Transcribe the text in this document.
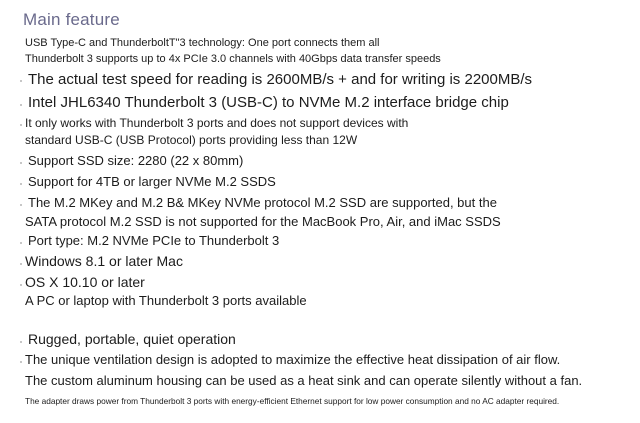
Main feature
USB Type-C and ThunderboltT"3 technology: One port connects them all
Thunderbolt 3 supports up to 4x PCIe 3.0 channels with 40Gbps data transfer speeds
The actual test speed for reading is 2600MB/s + and for writing is 2200MB/s
Intel JHL6340 Thunderbolt 3 (USB-C) to NVMe M.2 interface bridge chip
It only works with Thunderbolt 3 ports and does not support devices with
standard USB-C (USB Protocol) ports providing less than 12W
Support SSD size: 2280 (22 x 80mm)
Support for 4TB or larger NVMe M.2 SSDS
The M.2 MKey and M.2 B& MKey NVMe protocol M.2 SSD are supported, but the
SATA protocol M.2 SSD is not supported for the MacBook Pro, Air, and iMac SSDS
Port type: M.2 NVMe PCIe to Thunderbolt 3
Windows 8.1 or later Mac
OS X 10.10 or later
A PC or laptop with Thunderbolt 3 ports available
Rugged, portable, quiet operation
The unique ventilation design is adopted to maximize the effective heat dissipation of air flow.
The custom aluminum housing can be used as a heat sink and can operate silently without a fan.
The adapter draws power from Thunderbolt 3 ports with energy-efficient Ethernet support for low power consumption and no AC adapter required.
